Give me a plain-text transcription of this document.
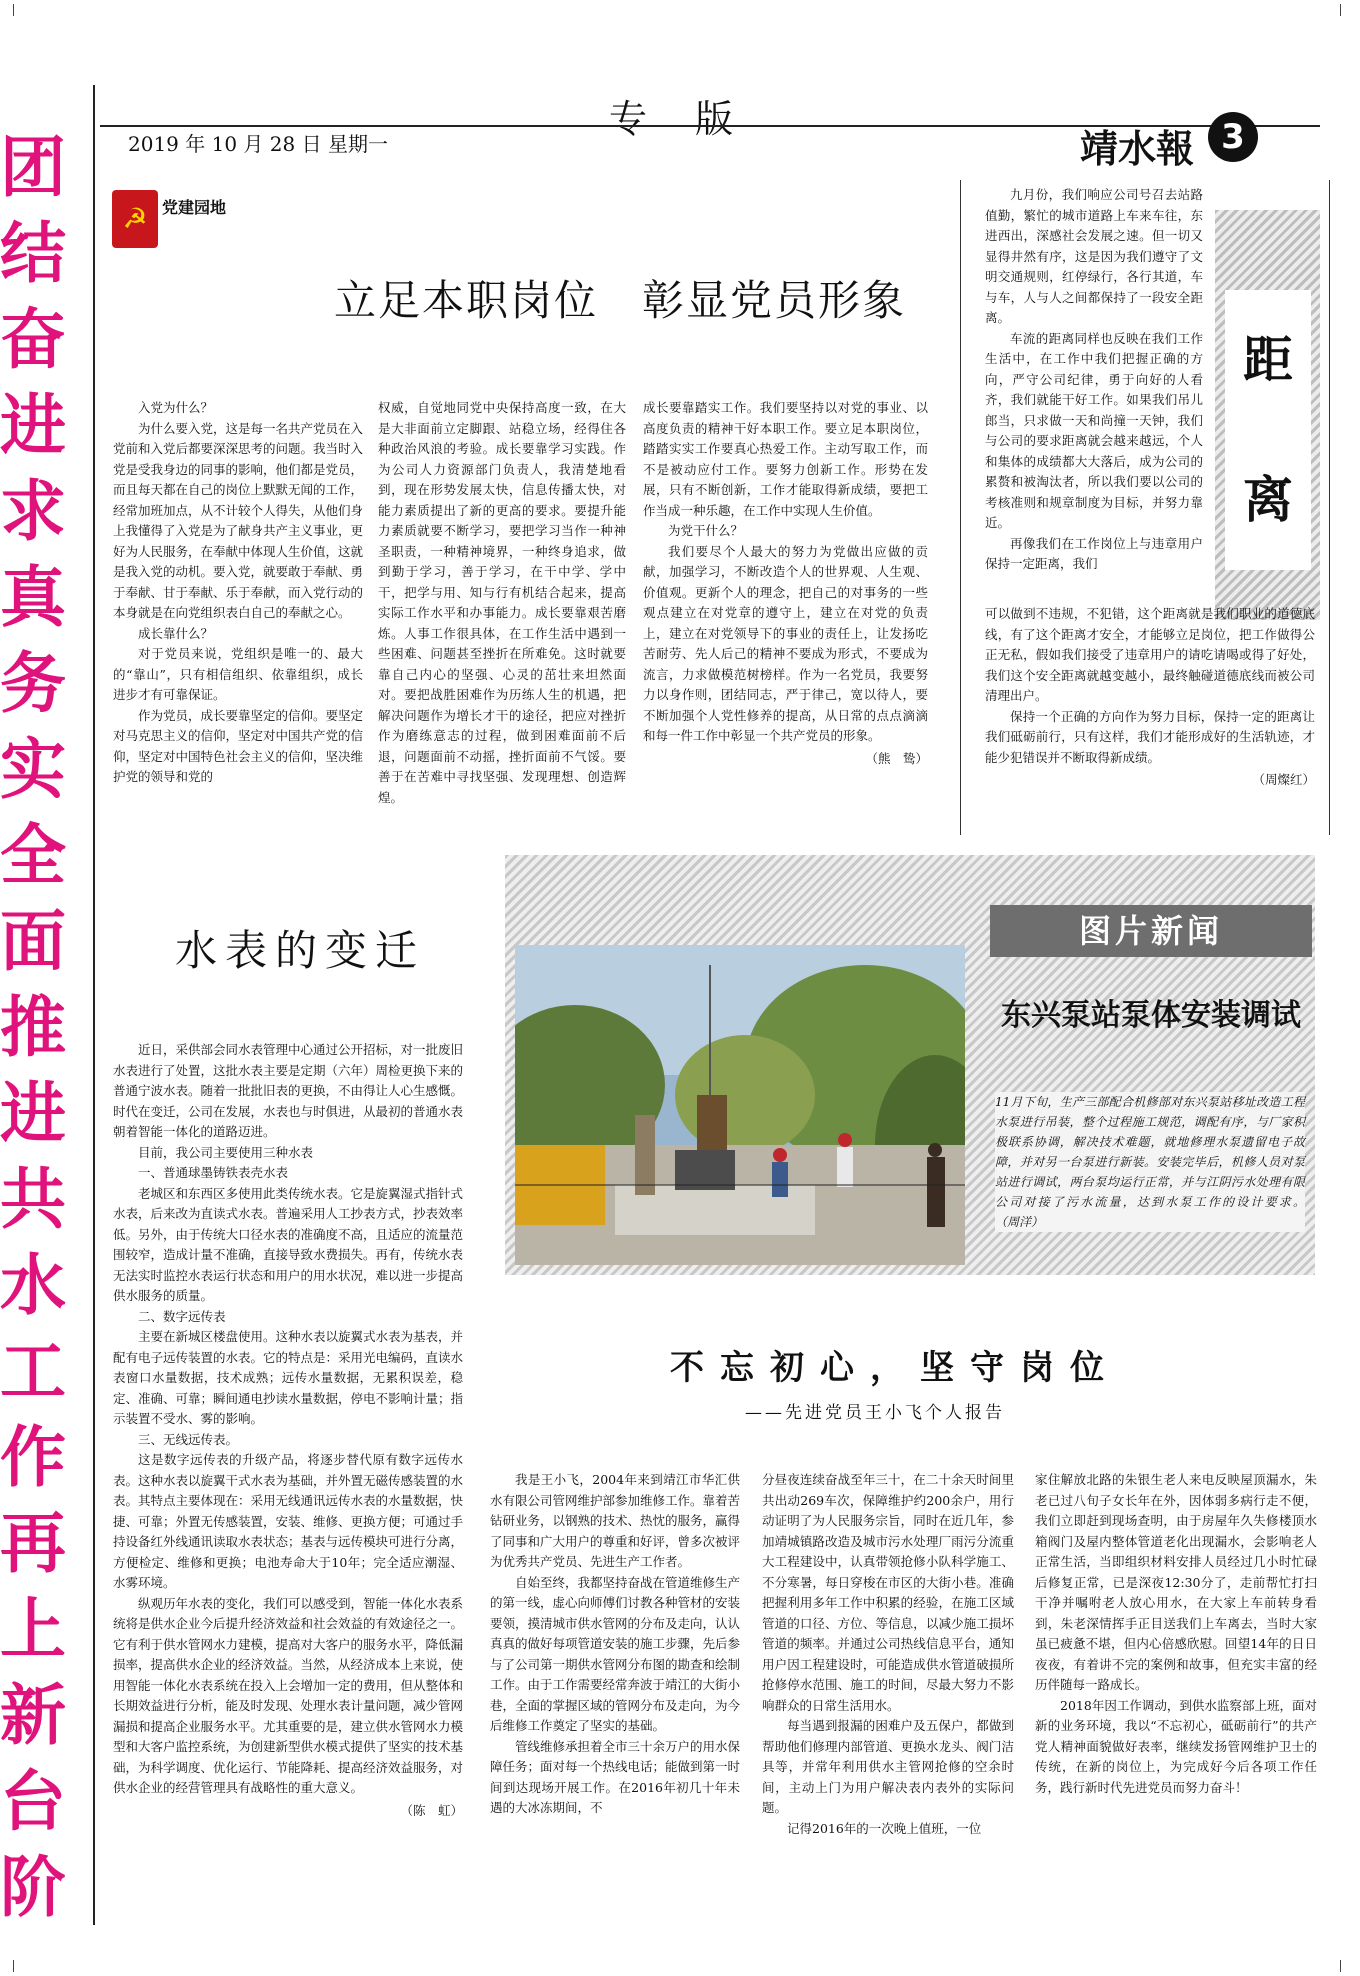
团结奋进 求真务实 全面推进共水工作再上新台阶
专版
2019 年 10 月 28 日 星期一	靖水報 3
☭ 党建园地
立足本职岗位　彰显党员形象

入党为什么？

为什么要入党，这是每一名共产党员在入党前和入党后都要深深思考的问题。我当时入党是受我身边的同事的影响，他们都是党员，而且每天都在自己的岗位上默默无闻的工作，经常加班加点，从不计较个人得失，从他们身上我懂得了入党是为了献身共产主义事业，更好为人民服务，在奉献中体现人生价值，这就是我入党的动机。要入党，就要敢于奉献、勇于奉献、甘于奉献、乐于奉献，而入党行动的本身就是在向党组织表白自己的奉献之心。

成长靠什么？

对于党员来说，党组织是唯一的、最大的“靠山”，只有相信组织、依靠组织，成长进步才有可靠保证。

作为党员，成长要靠坚定的信仰。要坚定对马克思主义的信仰，坚定对中国共产党的信仰，坚定对中国特色社会主义的信仰，坚决维护党的领导和党的

权威，自觉地同党中央保持高度一致，在大是大非面前立定脚跟、站稳立场，经得住各种政治风浪的考验。成长要靠学习实践。作为公司人力资源部门负责人，我清楚地看到，现在形势发展太快，信息传播太快，对能力素质提出了新的更高的要求。要提升能力素质就要不断学习，要把学习当作一种神圣职责，一种精神境界，一种终身追求，做到勤于学习，善于学习，在干中学、学中干，把学与用、知与行有机结合起来，提高实际工作水平和办事能力。成长要靠艰苦磨炼。人事工作很具体，在工作生活中遇到一些困难、问题甚至挫折在所难免。这时就要靠自己内心的坚强、心灵的茁壮来坦然面对。要把战胜困难作为历练人生的机遇，把解决问题作为增长才干的途径，把应对挫折作为磨练意志的过程，做到困难面前不后退，问题面前不动摇，挫折面前不气馁。要善于在苦难中寻找坚强、发现理想、创造辉煌。

成长要靠踏实工作。我们要坚持以对党的事业、以高度负责的精神干好本职工作。要立足本职岗位，踏踏实实工作要真心热爱工作。主动写取工作，而不是被动应付工作。要努力创新工作。形势在发展，只有不断创新，工作才能取得新成绩，要把工作当成一种乐趣，在工作中实现人生价值。

为党干什么？

我们要尽个人最大的努力为党做出应做的贡献，加强学习，不断改造个人的世界观、人生观、价值观。更新个人的理念，把自己的对事务的一些观点建立在对党章的遵守上，建立在对党的负责上，建立在对党领导下的事业的责任上，让发扬吃苦耐劳、先人后己的精神不要成为形式，不要成为流言，力求做模范树榜样。作为一名党员，我要努力以身作则，团结同志，严于律己，宽以待人，要不断加强个人党性修养的提高，从日常的点点滴滴和每一件工作中彰显一个共产党员的形象。

（熊　鸷）
距离

九月份，我们响应公司号召去站路值勤，繁忙的城市道路上车来车往，东进西出，深感社会发展之速。但一切又显得井然有序，这是因为我们遵守了文明交通规则，红停绿行，各行其道，车与车，人与人之间都保持了一段安全距离。

车流的距离同样也反映在我们工作生活中，在工作中我们把握正确的方向，严守公司纪律，勇于向好的人看齐，我们就能干好工作。如果我们吊儿郎当，只求做一天和尚撞一天钟，我们与公司的要求距离就会越来越远，个人和集体的成绩都大大落后，成为公司的累赘和被淘汰者，所以我们要以公司的考核准则和规章制度为目标，并努力靠近。

再像我们在工作岗位上与违章用户保持一定距离，我们

可以做到不违规，不犯错，这个距离就是我们职业的道德底线，有了这个距离才安全，才能够立足岗位，把工作做得公正无私，假如我们接受了违章用户的请吃请喝或得了好处，我们这个安全距离就越变越小，最终触碰道德底线而被公司清理出户。

保持一个正确的方向作为努力目标，保持一定的距离让我们砥砺前行，只有这样，我们才能形成好的生活轨迹，才能少犯错误并不断取得新成绩。

（周燦红）
图片新闻
东兴泵站泵体安装调试
11月下旬，生产三部配合机修部对东兴泵站移址改造工程水泵进行吊装，整个过程施工规范，调配有序，与厂家积极联系协调，解决技术难题，就地修理水泵遗留电子故障，并对另一台泵进行新装。安装完毕后，机修人员对泵站进行调试，两台泵均运行正常，并与江阴污水处理有限公司对接了污水流量，达到水泵工作的设计要求。 （周洋）
水表的变迁

近日，采供部会同水表管理中心通过公开招标，对一批废旧水表进行了处置，这批水表主要是定期（六年）周检更换下来的普通宁波水表。随着一批批旧表的更换，不由得让人心生感慨。时代在变迁，公司在发展，水表也与时俱进，从最初的普通水表朝着智能一体化的道路迈进。

目前，我公司主要使用三种水表

一、普通球墨铸铁表壳水表

老城区和东西区多使用此类传统水表。它是旋翼湿式指针式水表，后来改为直读式水表。普遍采用人工抄表方式，抄表效率低。另外，由于传统大口径水表的准确度不高，且适应的流量范围较窄，造成计量不准确，直接导致水费损失。再有，传统水表无法实时监控水表运行状态和用户的用水状况，难以进一步提高供水服务的质量。

二、数字远传表

主要在新城区楼盘使用。这种水表以旋翼式水表为基表，并配有电子远传装置的水表。它的特点是：采用光电编码，直读水表窗口水量数据，技术成熟；远传水量数据，无累积误差，稳定、准确、可靠；瞬间通电抄读水量数据，停电不影响计量；指示装置不受水、雾的影响。

三、无线远传表。

这是数字远传表的升级产品，将逐步替代原有数字远传水表。这种水表以旋翼干式水表为基础，并外置无磁传感装置的水表。其特点主要体现在：采用无线通讯远传水表的水量数据，快捷、可靠；外置无传感装置，安装、维修、更换方便；可通过手持设备红外线通讯读取水表状态；基表与远传模块可进行分离，方便检定、维修和更换；电池寿命大于10年；完全适应潮湿、水雾环境。

纵观历年水表的变化，我们可以感受到，智能一体化水表系统将是供水企业今后提升经济效益和社会效益的有效途径之一。它有利于供水管网水力建模，提高对大客户的服务水平，降低漏损率，提高供水企业的经济效益。当然，从经济成本上来说，使用智能一体化水表系统在投入上会增加一定的费用，但从整体和长期效益进行分析，能及时发现、处理水表计量问题，减少管网漏损和提高企业服务水平。尤其重要的是，建立供水管网水力模型和大客户监控系统，为创建新型供水模式提供了坚实的技术基础，为科学调度、优化运行、节能降耗、提高经济效益服务，对供水企业的经营管理具有战略性的重大意义。

（陈　虹）
不忘初心，坚守岗位
——先进党员王小飞个人报告

我是王小飞，2004年来到靖江市华汇供水有限公司管网维护部参加维修工作。靠着苦钻研业务，以钢熟的技术、热忱的服务，赢得了同事和广大用户的尊重和好评，曾多次被评为优秀共产党员、先进生产工作者。

自始至终，我都坚持奋战在管道维修生产的第一线，虚心向师傅们讨教各种管材的安装要领，摸清城市供水管网的分布及走向，认认真真的做好每项管道安装的施工步骤，先后参与了公司第一期供水管网分布图的勘查和绘制工作。由于工作需要经常奔波于靖江的大街小巷，全面的掌握区域的管网分布及走向，为今后维修工作奠定了坚实的基础。

管线维修承担着全市三十余万户的用水保障任务；面对每一个热线电话；能做到第一时间到达现场开展工作。在2016年初几十年未遇的大冰冻期间，不

分昼夜连续奋战至年三十，在二十余天时间里共出动269车次，保障维护约200余户，用行动证明了为人民服务宗旨，同时在近几年，参加靖城镇路改造及城市污水处理厂雨污分流重大工程建设中，认真带领抢修小队科学施工、不分寒暑，每日穿梭在市区的大街小巷。准确把握利用多年工作中积累的经验，在施工区域管道的口径、方位、等信息，以减少施工损坏管道的频率。并通过公司热线信息平台，通知用户因工程建设时，可能造成供水管道破损所抢修停水范围、施工的时间，尽最大努力不影响群众的日常生活用水。

每当遇到报漏的困难户及五保户，都做到帮助他们修理内部管道、更换水龙头、阀门洁具等，并常年利用供水主管网抢修的空余时间，主动上门为用户解决表内表外的实际问题。

记得2016年的一次晚上值班，一位

家住解放北路的朱银生老人来电反映屋顶漏水，朱老已过八旬子女长年在外，因体弱多病行走不便，我们立即赶到现场查明，由于房屋年久失修楼顶水箱阀门及屋内整体管道老化出现漏水，会影响老人正常生活，当即组织材料安排人员经过几小时忙碌后修复正常，已是深夜12:30分了，走前帮忙打扫干净并嘱咐老人放心用水，在大家上车前转身看到，朱老深情挥手正目送我们上车离去，当时大家虽已疲惫不堪，但内心倍感欣慰。回望14年的日日夜夜，有着讲不完的案例和故事，但充实丰富的经历伴随每一路成长。

2018年因工作调动，到供水监察部上班，面对新的业务环境，我以“不忘初心，砥砺前行”的共产党人精神面貌做好表率，继续发扬管网维护卫士的传统，在新的岗位上，为完成好今后各项工作任务，践行新时代先进党员而努力奋斗！
